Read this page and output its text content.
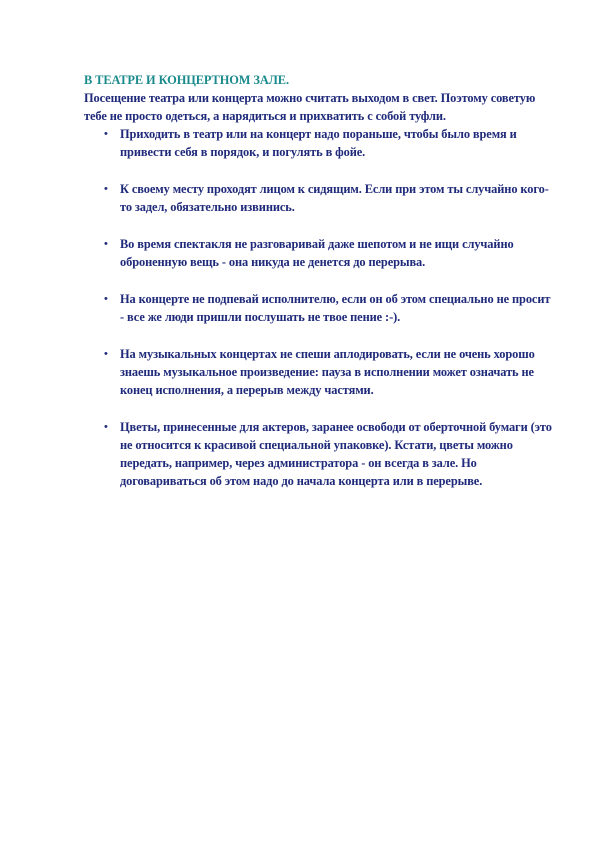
В ТЕАТРЕ И КОНЦЕРТНОМ ЗАЛЕ.

Посещение театра или концерта можно считать выходом в свет. Поэтому советую тебе не просто одеться, а нарядиться и прихватить с собой туфли.

• Приходить в театр или на концерт надо пораньше, чтобы было время и привести себя в порядок, и погулять в фойе.
• К своему месту проходят лицом к сидящим. Если при этом ты случайно кого-то задел, обязательно извинись.
• Во время спектакля не разговаривай даже шепотом и не ищи случайно оброненную вещь - она никуда не денется до перерыва.
• На концерте не подпевай исполнителю, если он об этом специально не просит - все же люди пришли послушать не твое пение :-).
• На музыкальных концертах не спеши аплодировать, если не очень хорошо знаешь музыкальное произведение: пауза в исполнении может означать не конец исполнения, а перерыв между частями.
• Цветы, принесенные для актеров, заранее освободи от оберточной бумаги (это не относится к красивой специальной упаковке). Кстати, цветы можно передать, например, через администратора - он всегда в зале. Но договариваться об этом надо до начала концерта или в перерыве.
